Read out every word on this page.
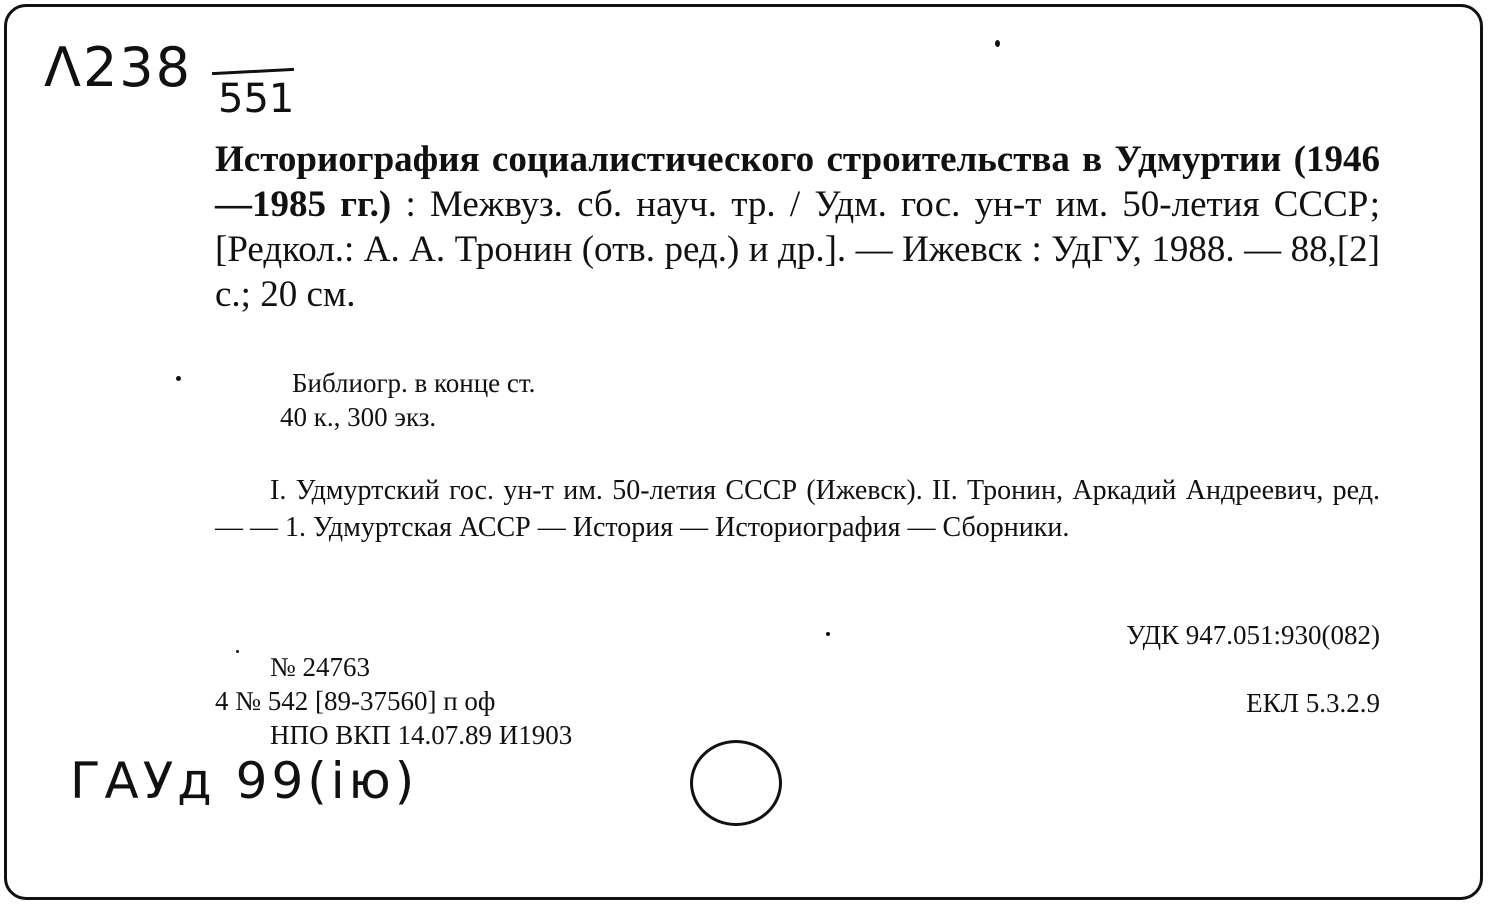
Λ238 551
Историография социалистического строительства в Удмуртии (1946—1985 гг.) : Межвуз. сб. науч. тр. / Удм. гос. ун-т им. 50-летия СССР; [Редкол.: А. А. Тронин (отв. ред.) и др.]. — Ижевск : УдГУ, 1988. — 88,[2] с.; 20 см.
Библиогр. в конце ст.
40 к., 300 экз.
I. Удмуртский гос. ун-т им. 50-летия СССР (Ижевск). II. Тронин, Аркадий Андреевич, ред. — — 1. Удмуртская АССР — История — Историография — Сборники.
УДК 947.051:930(082)
ЕКЛ 5.3.2.9
№ 24763
4 № 542 [89-37560] п оф
НПО ВКП 14.07.89 И1903
ГАУд 99(ію)
